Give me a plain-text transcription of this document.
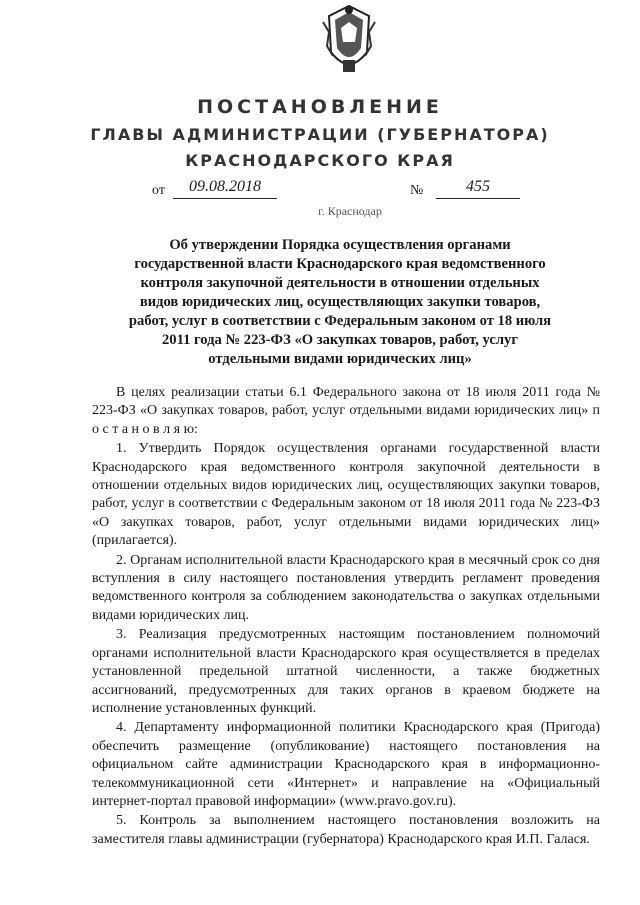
ПОСТАНОВЛЕНИЕ
ГЛАВЫ АДМИНИСТРАЦИИ (ГУБЕРНАТОРА)
КРАСНОДАРСКОГО КРАЯ
от	09.08.2018	№	455
г. Краснодар
Об утверждении Порядка осуществления органами государственной власти Краснодарского края ведомственного контроля закупочной деятельности в отношении отдельных видов юридических лиц, осуществляющих закупки товаров, работ, услуг в соответствии с Федеральным законом от 18 июля 2011 года № 223-ФЗ «О закупках товаров, работ, услуг отдельными видами юридических лиц»

В целях реализации статьи 6.1 Федерального закона от 18 июля 2011 года № 223-ФЗ «О закупках товаров, работ, услуг отдельными видами юридических лиц» п о с т а н о в л я ю:

1. Утвердить Порядок осуществления органами государственной власти Краснодарского края ведомственного контроля закупочной деятельности в отношении отдельных видов юридических лиц, осуществляющих закупки товаров, работ, услуг в соответствии с Федеральным законом от 18 июля 2011 года № 223-ФЗ «О закупках товаров, работ, услуг отдельными видами юридических лиц» (прилагается).

2. Органам исполнительной власти Краснодарского края в месячный срок со дня вступления в силу настоящего постановления утвердить регламент проведения ведомственного контроля за соблюдением законодательства о закупках отдельными видами юридических лиц.

3. Реализация предусмотренных настоящим постановлением полномочий органами исполнительной власти Краснодарского края осуществляется в пределах установленной предельной штатной численности, а также бюджетных ассигнований, предусмотренных для таких органов в краевом бюджете на исполнение установленных функций.

4. Департаменту информационной политики Краснодарского края (Пригода) обеспечить размещение (опубликование) настоящего постановления на официальном сайте администрации Краснодарского края в информационно-телекоммуникационной сети «Интернет» и направление на «Официальный интернет-портал правовой информации» (www.pravo.gov.ru).

5. Контроль за выполнением настоящего постановления возложить на заместителя главы администрации (губернатора) Краснодарского края И.П. Галася.
